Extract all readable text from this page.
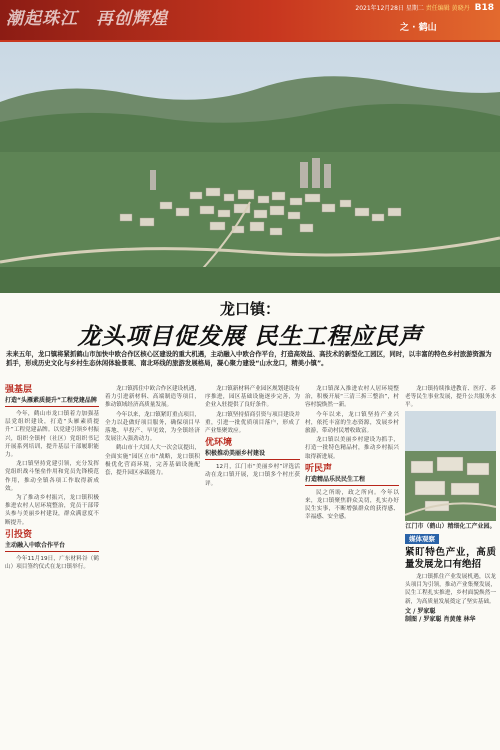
潮起珠江 再创辉煌
2021年12月28日 星期二 责任编辑 黄晓丹 B18
之 · 鹤山
龙口镇：
龙头项目促发展 民生工程应民声
未来五年，龙口镇将紧抓鹤山市加快中欧合作区核心区建设的重大机遇，主动融入中欧合作平台，打造高效益、高技术的新型化工园区，同时，以丰富的特色乡村旅游资源为抓手，形成历史文化与乡村生态休闲体验景观、南北环线的旅游发展格局，凝心聚力建设“山水龙口，精美小镇”。
强基层
打造“头雁素质提升”工程党建品牌

今年，鹤山市龙口镇着力加强基层党组织建设，打造“头雁素质提升”工程党建品牌。以党建引领乡村振兴，组织全镇村（社区）党组织书记开展系列培训，提升基层干部履职能力。

龙口镇坚持党建引领，充分发挥党组织战斗堡垒作用和党员先锋模范作用，推动全镇各项工作取得新成效。

为了推动乡村振兴，龙口镇积极推进农村人居环境整治，党员干部带头参与美丽乡村建设，群众满意度不断提升。

引投资
主动融入中欧合作平台

今年11月19日，广东材料谷（鹤山）项目签约仪式在龙口镇举行。

龙口镇抓住中欧合作区建设机遇，着力引进新材料、高端制造等项目，推动镇域经济高质量发展。

今年以来，龙口镇紧盯重点项目，全力以赴做好项目服务，确保项目早落地、早投产、早见效，为全镇经济发展注入强劲动力。

鹤山市十大国人大一次会议提出，全面实施“园区立市”战略，龙口镇积极优化营商环境，完善基础设施配套，提升园区承载能力。

龙口镇新材料产业园区规划建设有序推进，园区基础设施逐步完善，为企业入驻提供了良好条件。

龙口镇坚持招商引资与项目建设并重，引进一批优质项目落户，形成了产业集聚效应。

优环境
积极推动美丽乡村建设

12月，江门市“美丽乡村”评选活动在龙口镇开展，龙口镇多个村庄获评。

龙口镇深入推进农村人居环境整治，积极开展“三清三拆三整治”，村容村貌焕然一新。

今年以来，龙口镇坚持产业兴村，依托丰富的生态资源，发展乡村旅游，带动村民增收致富。

龙口镇以美丽乡村建设为抓手，打造一批特色精品村，推动乡村振兴取得新进展。

听民声
打造精品乐民民生工程

民之所盼，政之所向。今年以来，龙口镇聚焦群众关切，扎实办好民生实事，不断增强群众的获得感、幸福感、安全感。

龙口镇持续推进教育、医疗、养老等民生事业发展，提升公共服务水平。

江门市（鹤山）精细化工产业园。
媒体观察
紧盯特色产业，高质量发展龙口有绝招

龙口镇抓住产业发展机遇，以龙头项目为引领，推动产业集聚发展，民生工程扎实推进，乡村面貌焕然一新，为高质量发展奠定了坚实基础。

文 / 罗家聪
制图 / 罗家聪 肖黄莲 林华
